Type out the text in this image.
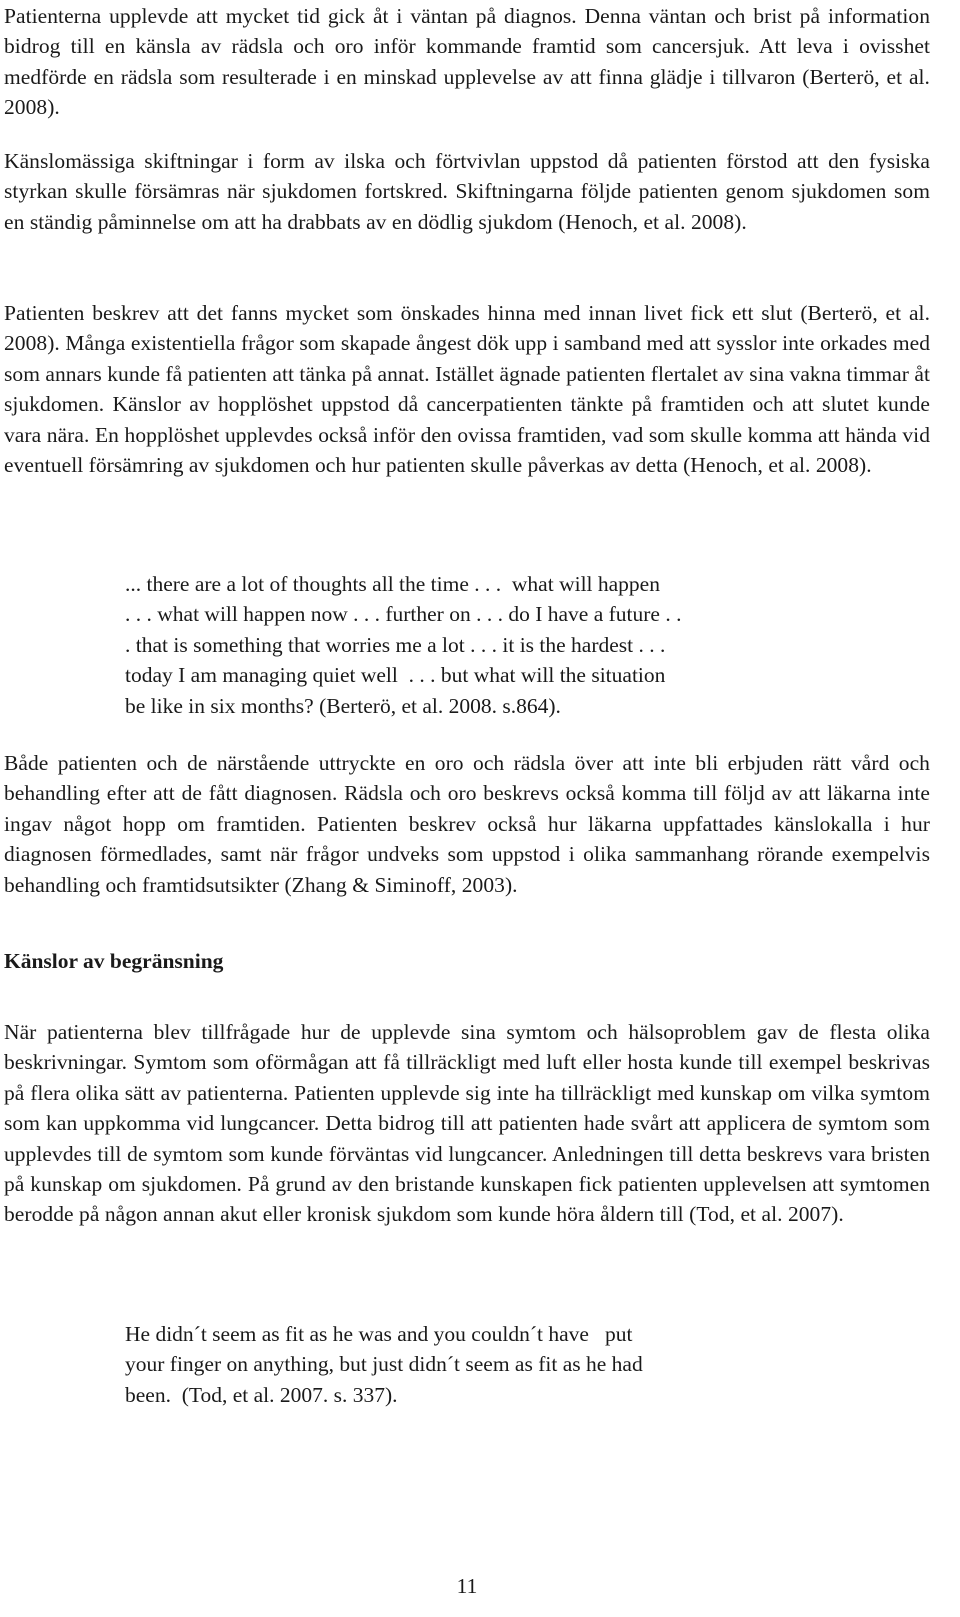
Patienterna upplevde att mycket tid gick åt i väntan på diagnos. Denna väntan och brist på information bidrog till en känsla av rädsla och oro inför kommande framtid som cancersjuk. Att leva i ovisshet medförde en rädsla som resulterade i en minskad upplevelse av att finna glädje i tillvaron (Berterö, et al. 2008).

Känslomässiga skiftningar i form av ilska och förtvivlan uppstod då patienten förstod att den fysiska styrkan skulle försämras när sjukdomen fortskred. Skiftningarna följde patienten genom sjukdomen som en ständig påminnelse om att ha drabbats av en dödlig sjukdom (Henoch, et al. 2008).

Patienten beskrev att det fanns mycket som önskades hinna med innan livet fick ett slut (Berterö, et al. 2008). Många existentiella frågor som skapade ångest dök upp i samband med att sysslor inte orkades med som annars kunde få patienten att tänka på annat. Istället ägnade patienten flertalet av sina vakna timmar åt sjukdomen. Känslor av hopplöshet uppstod då cancerpatienten tänkte på framtiden och att slutet kunde vara nära. En hopplöshet upplevdes också inför den ovissa framtiden, vad som skulle komma att hända vid eventuell försämring av sjukdomen och hur patienten skulle påverkas av detta (Henoch, et al. 2008).

... there are a lot of thoughts all the time . . .  what will happen
. . . what will happen now . . . further on . . . do I have a future . .
. that is something that worries me a lot . . . it is the hardest . . .
today I am managing quiet well  . . . but what will the situation
be like in six months? (Berterö, et al. 2008. s.864).

Både patienten och de närstående uttryckte en oro och rädsla över att inte bli erbjuden rätt vård och behandling efter att de fått diagnosen. Rädsla och oro beskrevs också komma till följd av att läkarna inte ingav något hopp om framtiden. Patienten beskrev också hur läkarna uppfattades känslokalla i hur diagnosen förmedlades, samt när frågor undveks som uppstod i olika sammanhang rörande exempelvis behandling och framtidsutsikter (Zhang & Siminoff, 2003).

Känslor av begränsning

När patienterna blev tillfrågade hur de upplevde sina symtom och hälsoproblem gav de flesta olika beskrivningar. Symtom som oförmågan att få tillräckligt med luft eller hosta kunde till exempel beskrivas på flera olika sätt av patienterna. Patienten upplevde sig inte ha tillräckligt med kunskap om vilka symtom som kan uppkomma vid lungcancer. Detta bidrog till att patienten hade svårt att applicera de symtom som upplevdes till de symtom som kunde förväntas vid lungcancer. Anledningen till detta beskrevs vara bristen på kunskap om sjukdomen. På grund av den bristande kunskapen fick patienten upplevelsen att symtomen berodde på någon annan akut eller kronisk sjukdom som kunde höra åldern till (Tod, et al. 2007).

He didn´t seem as fit as he was and you couldn´t have   put
your finger on anything, but just didn´t seem as fit as he had
been.  (Tod, et al. 2007. s. 337).
11
